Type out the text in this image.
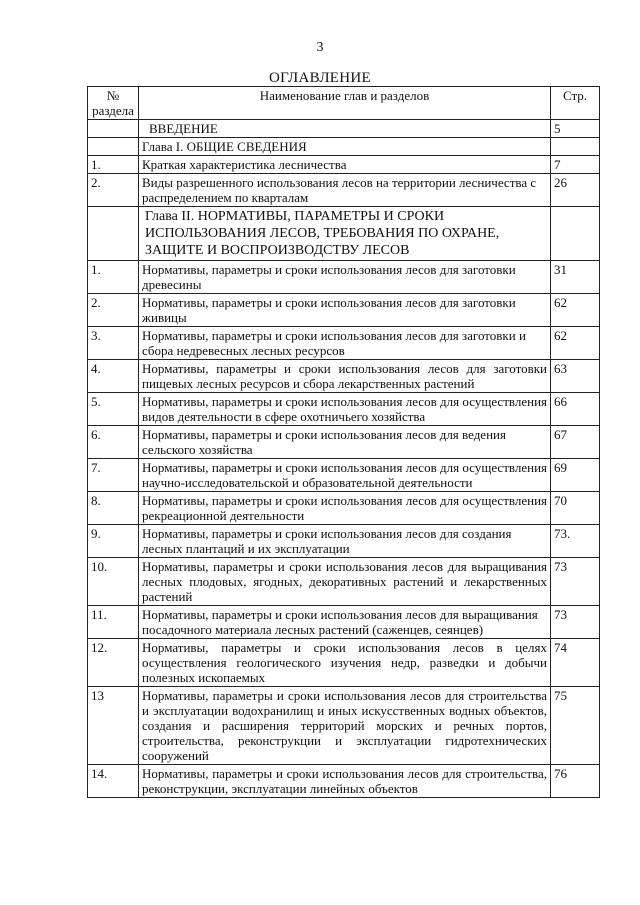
3
ОГЛАВЛЕНИЕ
№ раздела	Наименование глав и разделов	Стр.
	ВВЕДЕНИЕ	5
	Глава I. ОБЩИЕ СВЕДЕНИЯ	
1.	Краткая характеристика лесничества	7
2.	Виды разрешенного использования лесов на территории лесничества с распределением по кварталам	26
	Глава II. НОРМАТИВЫ, ПАРАМЕТРЫ И СРОКИ ИСПОЛЬЗОВАНИЯ ЛЕСОВ, ТРЕБОВАНИЯ ПО ОХРАНЕ, ЗАЩИТЕ И ВОСПРОИЗВОДСТВУ ЛЕСОВ	
1.	Нормативы, параметры и сроки использования лесов для заготовки древесины	31
2.	Нормативы, параметры и сроки использования лесов для заготовки живицы	62
3.	Нормативы, параметры и сроки использования лесов для заготовки и сбора недревесных лесных ресурсов	62
4.	Нормативы, параметры и сроки использования лесов для заготовки пищевых лесных ресурсов и сбора лекарственных растений	63
5.	Нормативы, параметры и сроки использования лесов для осуществления видов деятельности в сфере охотничьего хозяйства	66
6.	Нормативы, параметры и сроки использования лесов для ведения сельского хозяйства	67
7.	Нормативы, параметры и сроки использования лесов для осуществления научно-исследовательской и образовательной деятельности	69
8.	Нормативы, параметры и сроки использования лесов для осуществления рекреационной деятельности	70
9.	Нормативы, параметры и сроки использования лесов для создания лесных плантаций и их эксплуатации	73.
10.	Нормативы, параметры и сроки использования лесов для выращивания лесных плодовых, ягодных, декоративных растений и лекарственных растений	73
11.	Нормативы, параметры и сроки использования лесов для выращивания посадочного материала лесных растений (саженцев, сеянцев)	73
12.	Нормативы, параметры и сроки использования лесов в целях осуществления геологического изучения недр, разведки и добычи полезных ископаемых	74
13	Нормативы, параметры и сроки использования лесов для строительства и эксплуатации водохранилищ и иных искусственных водных объектов, создания и расширения территорий морских и речных портов, строительства, реконструкции и эксплуатации гидротехнических сооружений	75
14.	Нормативы, параметры и сроки использования лесов для строительства, реконструкции, эксплуатации линейных объектов	76
